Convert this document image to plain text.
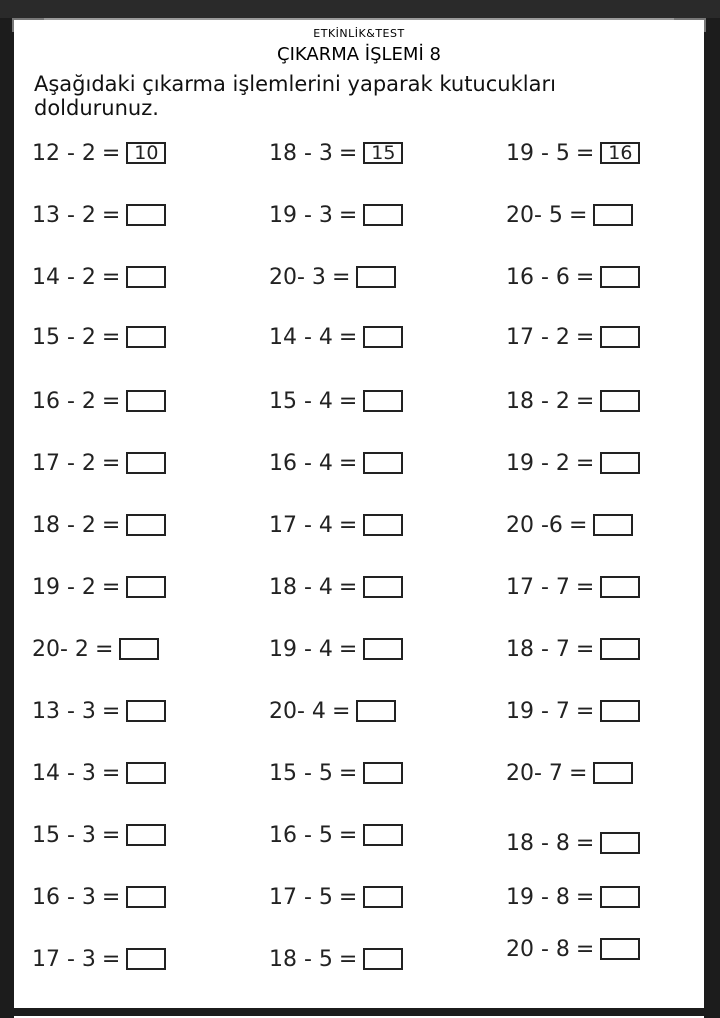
ETKİNLİK&TEST
ÇIKARMA İŞLEMİ 8
Aşağıdaki çıkarma işlemlerini yaparak kutucukları doldurunuz.
12 - 2 = 10
13 - 2 =
14 - 2 =
15 - 2 =
16 - 2 =
17 - 2 =
18 - 2 =
19 - 2 =
20- 2 =
13 - 3 =
14 - 3 =
15 - 3 =
16 - 3 =
17 - 3 =
18 - 3 = 15
19 - 3 =
20- 3 =
14 - 4 =
15 - 4 =
16 - 4 =
17 - 4 =
18 - 4 =
19 - 4 =
20- 4 =
15 - 5 =
16 - 5 =
17 - 5 =
18 - 5 =
19 - 5 = 16
20- 5 =
16 - 6 =
17 - 2 =
18 - 2 =
19 - 2 =
20 -6 =
17 - 7 =
18 - 7 =
19 - 7 =
20- 7 =
18 - 8 =
19 - 8 =
20 - 8 =
